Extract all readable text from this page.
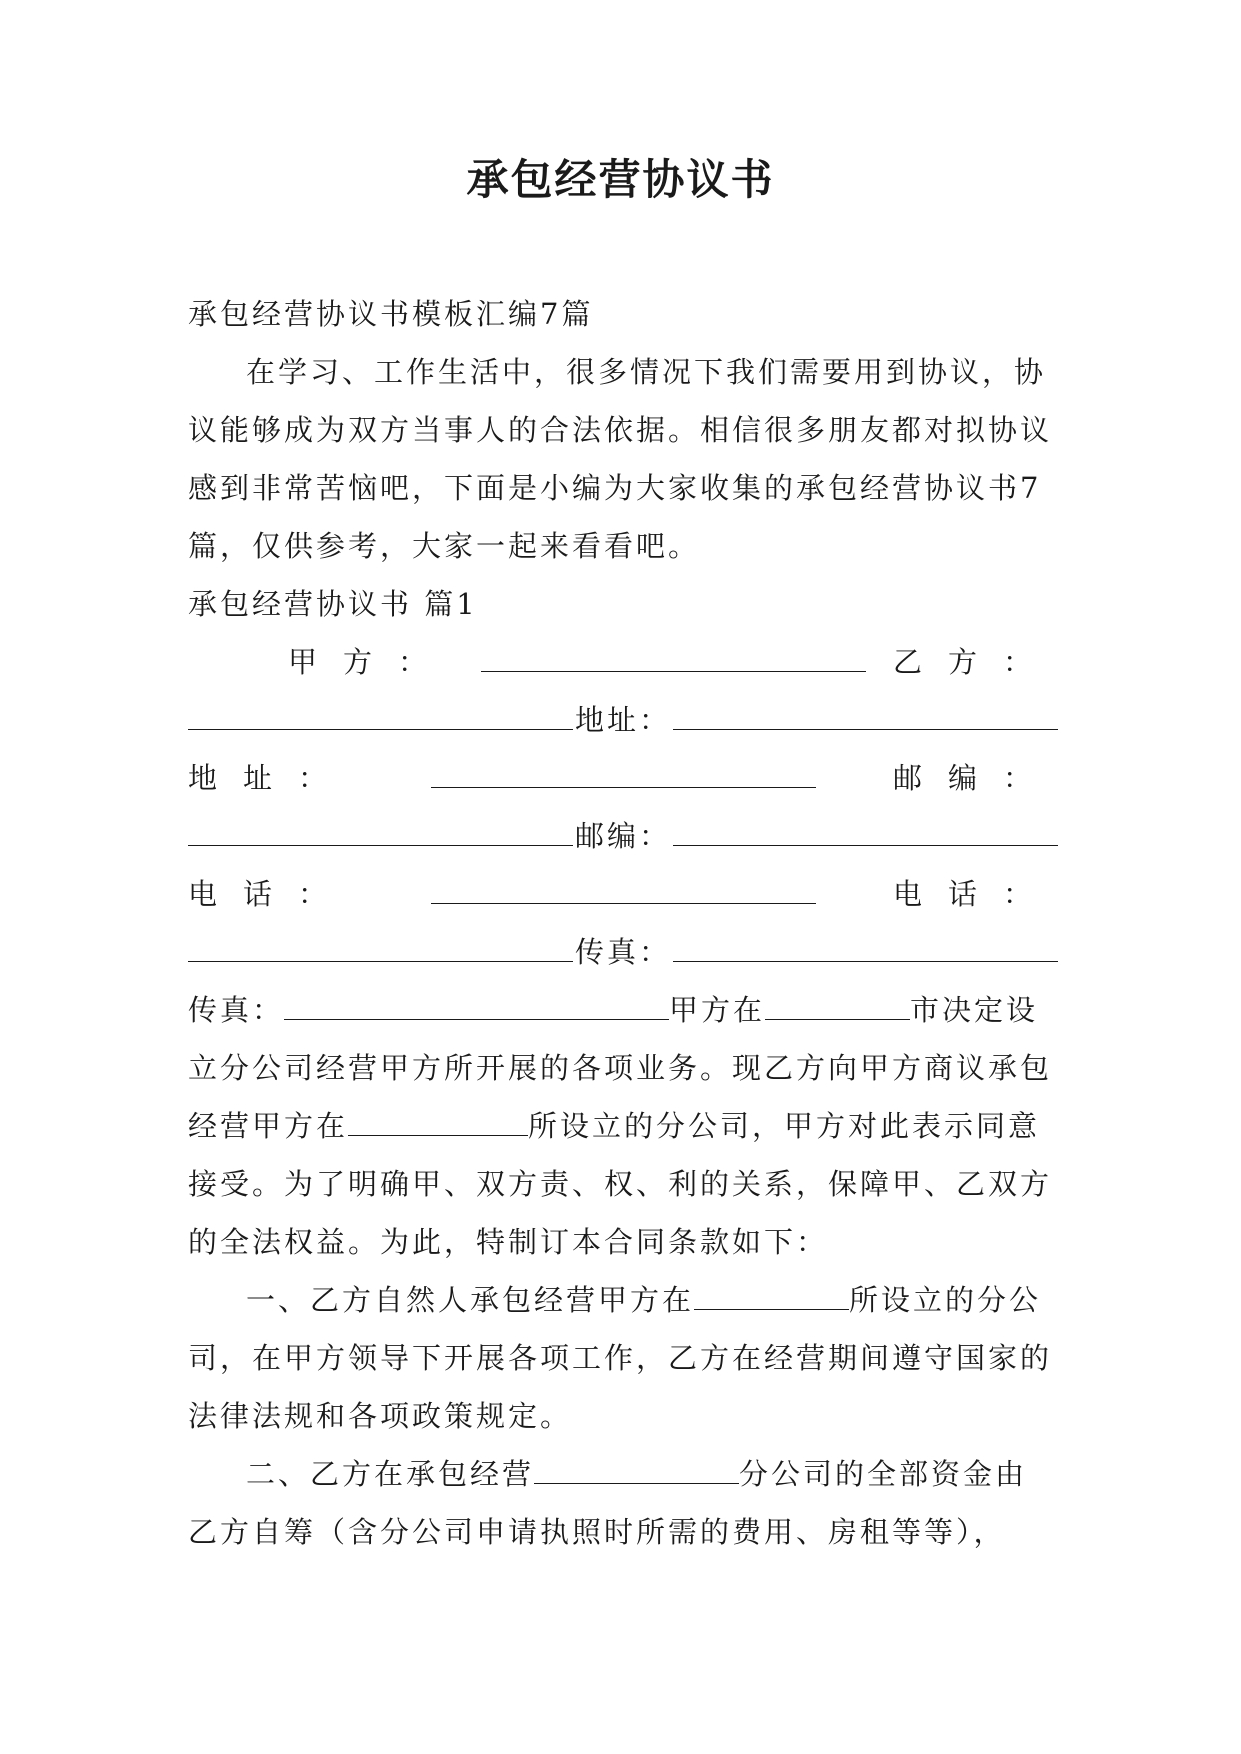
承包经营协议书

承包经营协议书模板汇编7篇

在学习、工作生活中，很多情况下我们需要用到协议，协议能够成为双方当事人的合法依据。相信很多朋友都对拟协议感到非常苦恼吧，下面是小编为大家收集的承包经营协议书7篇，仅供参考，大家一起来看看吧。

承包经营协议书 篇1

甲方：	乙方：
地址：
地址：	邮编：
邮编：
电话：	电话：
传真：

传真：	甲方在	市决定设立分公司经营甲方所开展的各项业务。现乙方向甲方商议承包经营甲方在	所设立的分公司，甲方对此表示同意接受。为了明确甲、双方责、权、利的关系，保障甲、乙双方的全法权益。为此，特制订本合同条款如下：

一、乙方自然人承包经营甲方在	所设立的分公司，在甲方领导下开展各项工作，乙方在经营期间遵守国家的法律法规和各项政策规定。

二、乙方在承包经营	分公司的全部资金由乙方自筹（含分公司申请执照时所需的费用、房租等等），
